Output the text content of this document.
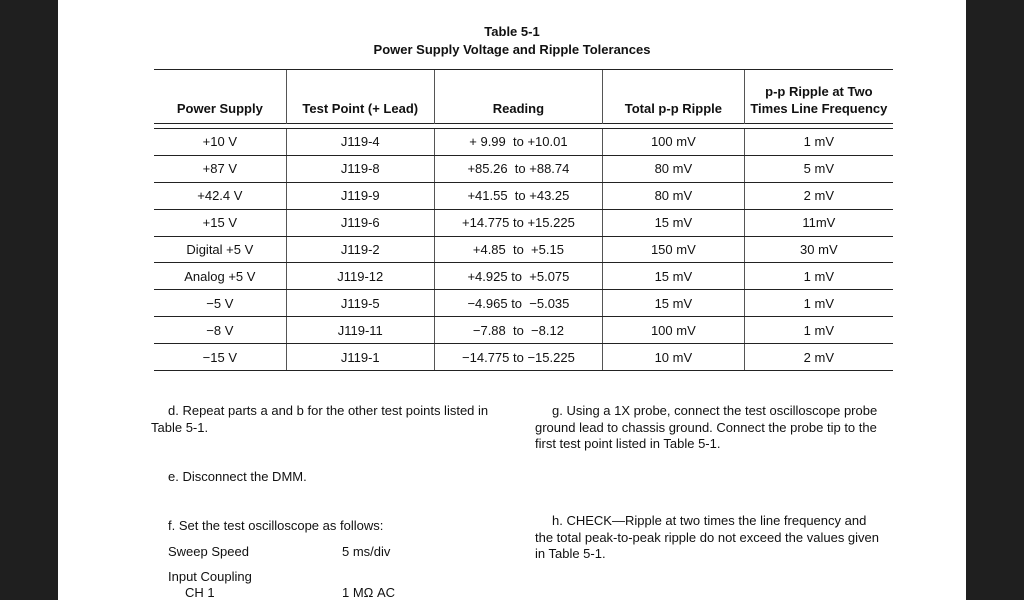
Table 5-1
Power Supply Voltage and Ripple Tolerances
Power Supply	Test Point (+ Lead)	Reading	Total p-p Ripple	p-p Ripple at Two Times Line Frequency

+10 V	J119-4	+ 9.99  to +10.01	100 mV	1 mV
+87 V	J119-8	+85.26  to +88.74	80 mV	5 mV
+42.4 V	J119-9	+41.55  to +43.25	80 mV	2 mV
+15 V	J119-6	+14.775 to +15.225	15 mV	11mV
Digital +5 V	J119-2	+4.85  to  +5.15	150 mV	30 mV
Analog +5 V	J119-12	+4.925 to  +5.075	15 mV	1 mV
−5 V	J119-5	−4.965 to  −5.035	15 mV	1 mV
−8 V	J119-11	−7.88  to  −8.12	100 mV	1 mV
−15 V	J119-1	−14.775 to −15.225	10 mV	2 mV
d. Repeat parts a and b for the other test points listed in
Table 5-1.
e. Disconnect the DMM.
f. Set the test oscilloscope as follows:
Sweep Speed	5 ms/div
Input Coupling
CH 1	1 MΩ AC
g. Using a 1X probe, connect the test oscilloscope probe
ground lead to chassis ground. Connect the probe tip to the
first test point listed in Table 5-1.
h. CHECK—Ripple at two times the line frequency and
the total peak-to-peak ripple do not exceed the values given
in Table 5-1.
